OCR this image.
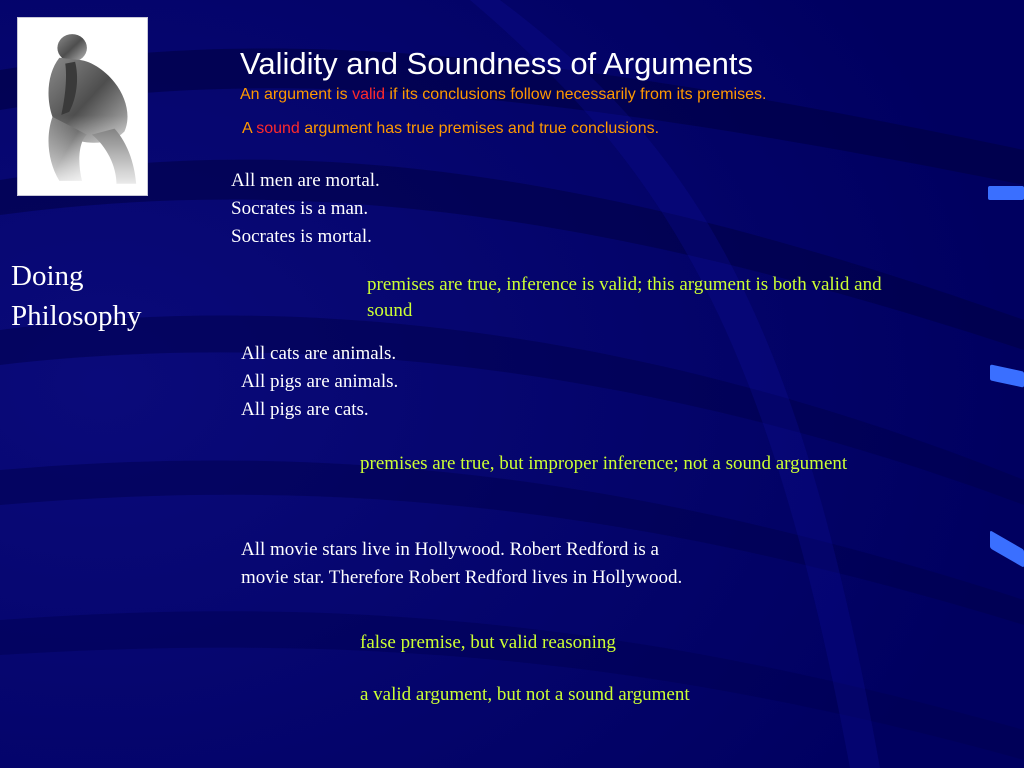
Doing
Philosophy
Validity and Soundness of Arguments
An argument is valid if its conclusions follow necessarily from its premises.
A sound argument has true premises and true conclusions.
All men are mortal.
Socrates is a man.
Socrates is mortal.
premises are true, inference is valid; this argument is both valid and sound
All cats are animals.
All pigs are animals.
All pigs are cats.
premises are true, but improper inference; not a sound argument
All movie stars live in Hollywood. Robert Redford is a
movie star. Therefore Robert Redford lives in Hollywood.
false premise, but valid reasoning
a valid argument, but not a sound argument
